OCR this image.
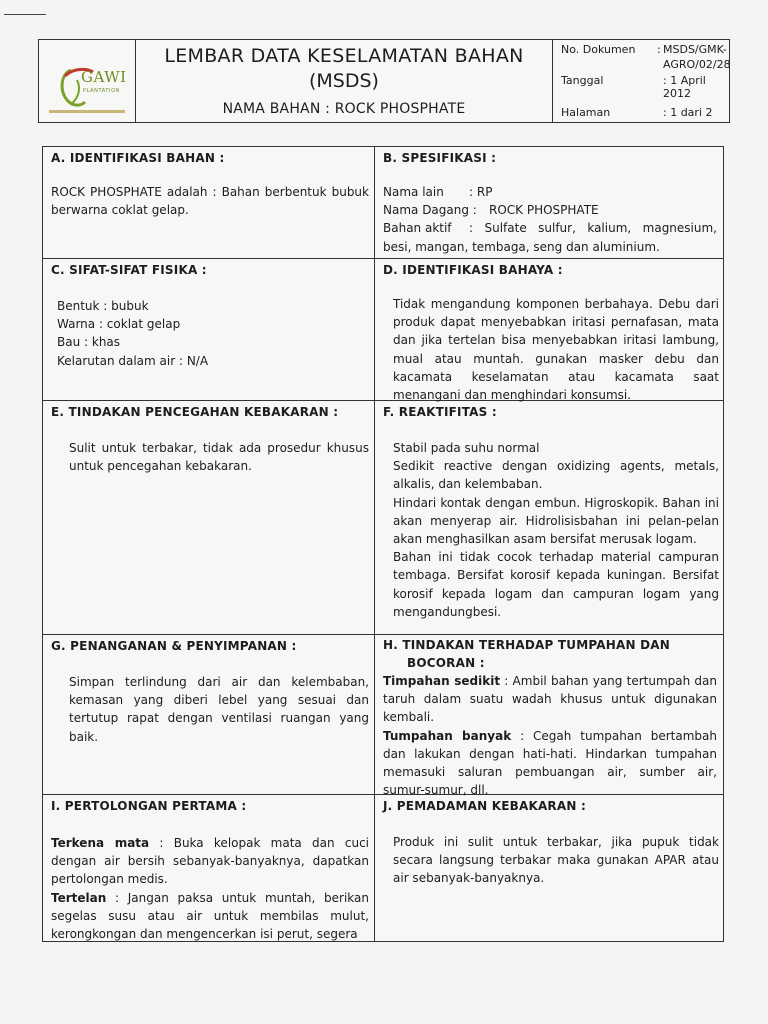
GAWI
PLANTATION
LEMBAR DATA KESELAMATAN BAHAN
(MSDS)
NAMA BAHAN : ROCK PHOSPHATE
No. Dokumen : MSDS/GMK-
AGRO/02/28
Tanggal	: 1 April 2012
Halaman	: 1 dari 2
A. IDENTIFIKASI BAHAN :
ROCK PHOSPHATE adalah : Bahan berbentuk bubuk berwarna coklat gelap.
B. SPESIFIKASI :
Nama lain : RP
Nama Dagang : ROCK PHOSPHATE
Bahan aktif : Sulfate sulfur, kalium, magnesium, besi, mangan, tembaga, seng dan aluminium.
C. SIFAT-SIFAT FISIKA :
Bentuk : bubuk
Warna : coklat gelap
Bau : khas
Kelarutan dalam air : N/A
D. IDENTIFIKASI BAHAYA :
Tidak mengandung komponen berbahaya. Debu dari produk dapat menyebabkan iritasi pernafasan, mata dan jika tertelan bisa menyebabkan iritasi lambung, mual atau muntah. gunakan masker debu dan kacamata keselamatan atau kacamata saat menangani dan menghindari konsumsi.
E. TINDAKAN PENCEGAHAN KEBAKARAN :
Sulit untuk terbakar, tidak ada prosedur khusus untuk pencegahan kebakaran.
F. REAKTIFITAS :
Stabil pada suhu normal
Sedikit reactive dengan oxidizing agents, metals, alkalis, dan kelembaban.
Hindari kontak dengan embun. Higroskopik. Bahan ini akan menyerap air. Hidrolisisbahan ini pelan-pelan akan menghasilkan asam bersifat merusak logam.
Bahan ini tidak cocok terhadap material campuran tembaga. Bersifat korosif kepada kuningan. Bersifat korosif kepada logam dan campuran logam yang mengandungbesi.
G. PENANGANAN & PENYIMPANAN :
Simpan terlindung dari air dan kelembaban, kemasan yang diberi lebel yang sesuai dan tertutup rapat dengan ventilasi ruangan yang baik.
H. TINDAKAN TERHADAP TUMPAHAN DAN
BOCORAN :
Timpahan sedikit : Ambil bahan yang tertumpah dan taruh dalam suatu wadah khusus untuk digunakan kembali.
Tumpahan banyak : Cegah tumpahan bertambah dan lakukan dengan hati-hati. Hindarkan tumpahan memasuki saluran pembuangan air, sumber air, sumur-sumur, dll.
I. PERTOLONGAN PERTAMA :
Terkena mata : Buka kelopak mata dan cuci dengan air bersih sebanyak-banyaknya, dapatkan pertolongan medis.
Tertelan : Jangan paksa untuk muntah, berikan segelas susu atau air untuk membilas mulut, kerongkongan dan mengencerkan isi perut, segera
J. PEMADAMAN KEBAKARAN :
Produk ini sulit untuk terbakar, jika pupuk tidak secara langsung terbakar maka gunakan APAR atau air sebanyak-banyaknya.
